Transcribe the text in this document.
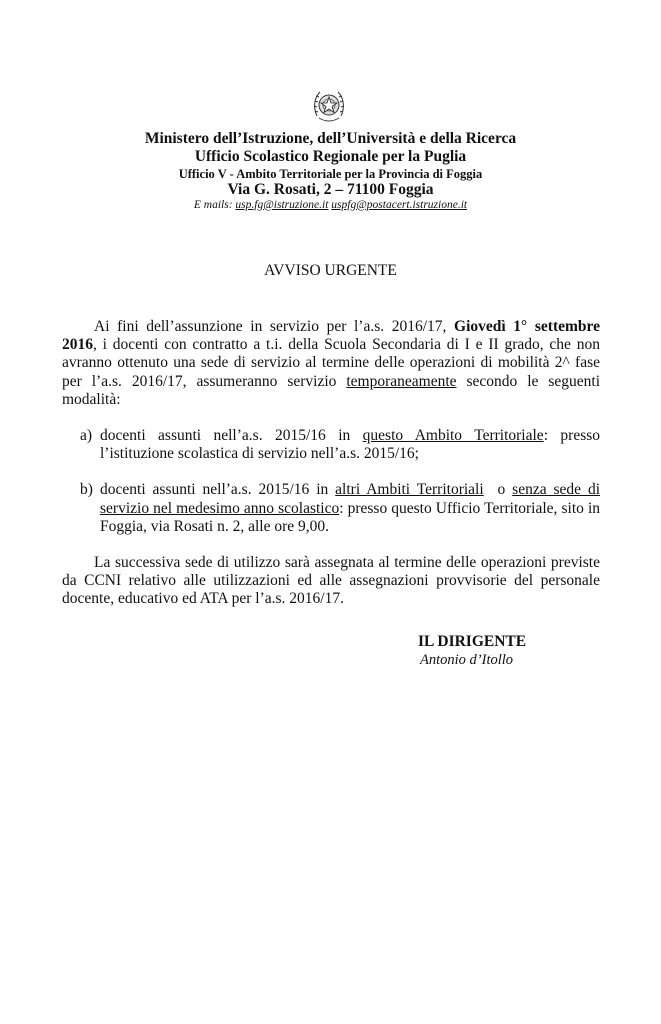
Ministero dell’Istruzione, dell’Università e della Ricerca

Ufficio Scolastico Regionale per la Puglia

Ufficio V - Ambito Territoriale per la Provincia di Foggia

Via G. Rosati, 2 – 71100 Foggia

E mails: usp.fg@istruzione.it uspfg@postacert.istruzione.it

AVVISO URGENTE

Ai fini dell’assunzione in servizio per l’a.s. 2016/17, Giovedì 1° settembre 2016, i docenti con contratto a t.i. della Scuola Secondaria di I e II grado, che non avranno ottenuto una sede di servizio al termine delle operazioni di mobilità 2^ fase per l’a.s. 2016/17, assumeranno servizio temporaneamente secondo le seguenti modalità:

a) docenti assunti nell’a.s. 2015/16 in questo Ambito Territoriale: presso l’istituzione scolastica di servizio nell’a.s. 2015/16;
b) docenti assunti nell’a.s. 2015/16 in altri Ambiti Territoriali  o senza sede di servizio nel medesimo anno scolastico: presso questo Ufficio Territoriale, sito in Foggia, via Rosati n. 2, alle ore 9,00.

La successiva sede di utilizzo sarà assegnata al termine delle operazioni previste da CCNI relativo alle utilizzazioni ed alle assegnazioni provvisorie del personale docente, educativo ed ATA per l’a.s. 2016/17.

IL DIRIGENTE

Antonio d’Itollo
